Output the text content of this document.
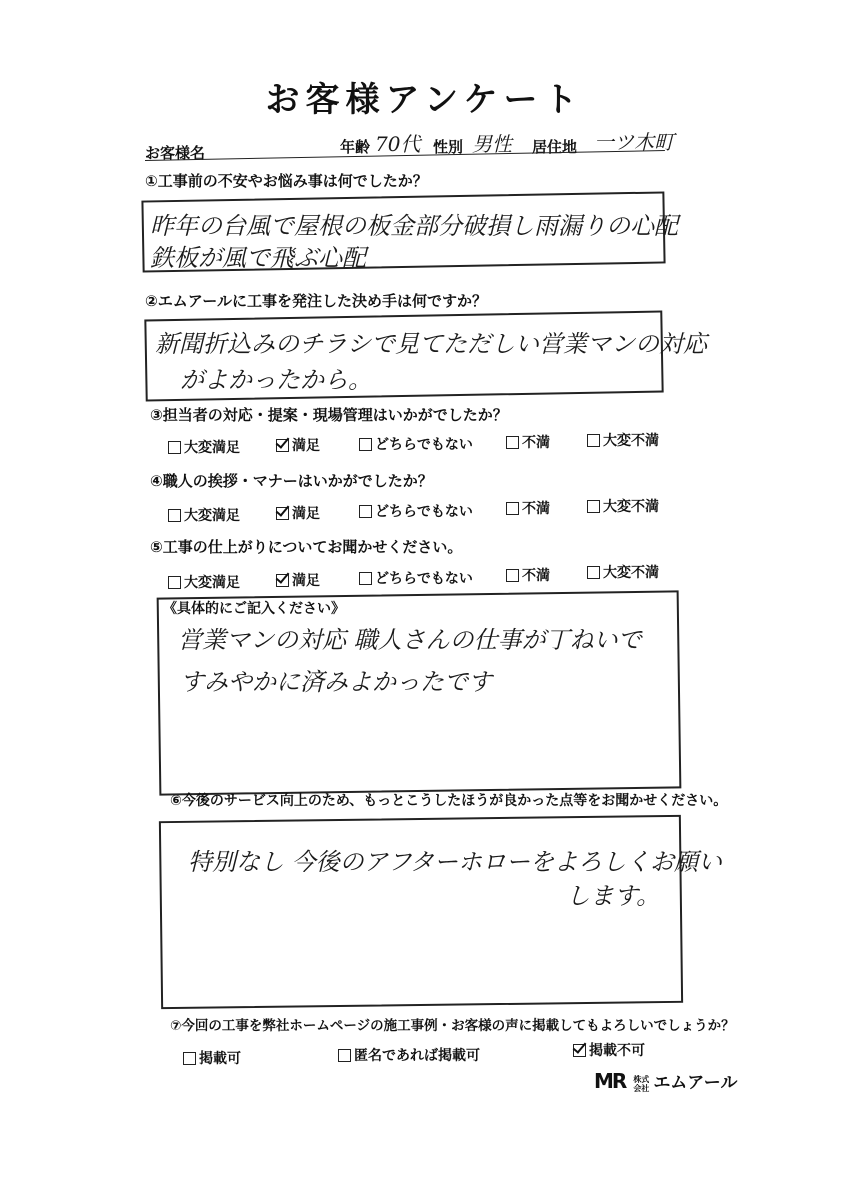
お客様アンケート
お客様名	年齢 70代 性別 男性 居住地 一ツ木町
①工事前の不安やお悩み事は何でしたか？
昨年の台風で屋根の板金部分破損し雨漏りの心配
鉄板が風で飛ぶ心配
②エムアールに工事を発注した決め手は何ですか？
新聞折込みのチラシで見てただしい営業マンの対応
がよかったから。
③担当者の対応・提案・現場管理はいかがでしたか？
大変満足	満足	どちらでもない	不満	大変不満
④職人の挨拶・マナーはいかがでしたか？
大変満足	満足	どちらでもない	不満	大変不満
⑤工事の仕上がりについてお聞かせください。
大変満足	満足	どちらでもない	不満	大変不満
《具体的にご記入ください》
営業マンの対応 職人さんの仕事が丁ねいで
すみやかに済みよかったです
⑥今後のサービス向上のため、もっとこうしたほうが良かった点等をお聞かせください。
特別なし 今後のアフターホローをよろしくお願い
します。
⑦今回の工事を弊社ホームページの施工事例・お客様の声に掲載してもよろしいでしょうか？
掲載可	匿名であれば掲載可	掲載不可
MR 株式
会社 エムアール
